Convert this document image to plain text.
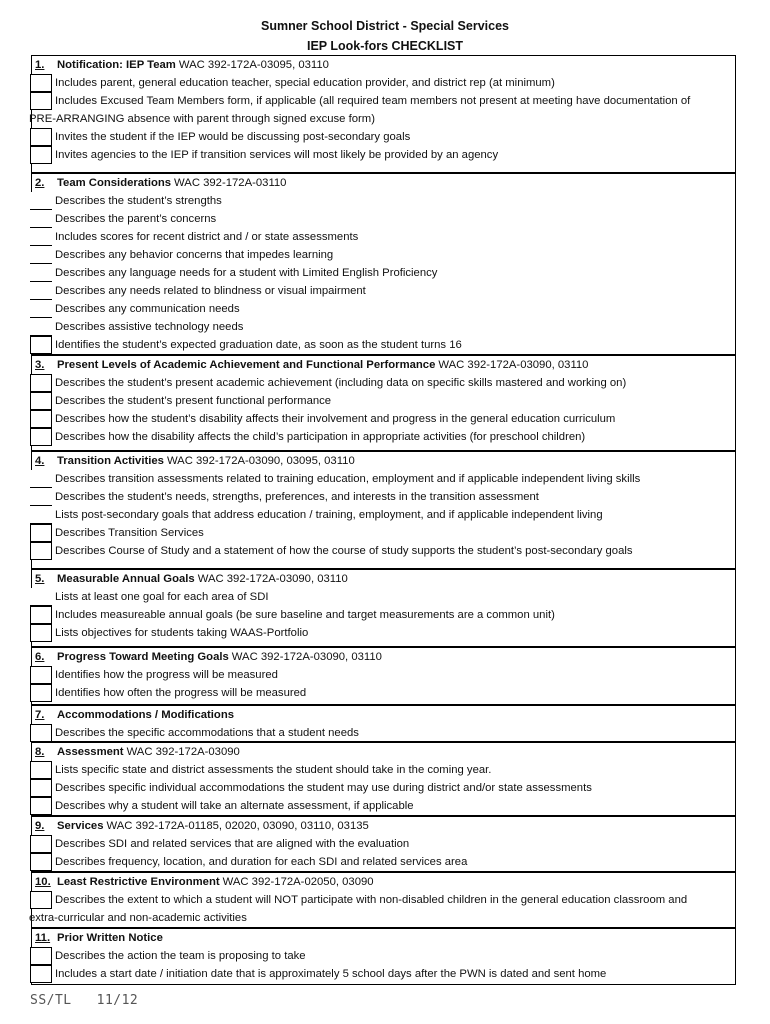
Sumner School District - Special Services
IEP Look-fors CHECKLIST
1. Notification: IEP Team WAC 392-172A-03095, 03110
Includes parent, general education teacher, special education provider, and district rep (at minimum)
Includes Excused Team Members form, if applicable (all required team members not present at meeting have documentation of
PRE-ARRANGING absence with parent through signed excuse form)
Invites the student if the IEP would be discussing post-secondary goals
Invites agencies to the IEP if transition services will most likely be provided by an agency
2. Team Considerations WAC 392-172A-03110
Describes the student’s strengths
Describes the parent’s concerns
Includes scores for recent district and / or state assessments
Describes any behavior concerns that impedes learning
Describes any language needs for a student with Limited English Proficiency
Describes any needs related to blindness or visual impairment
Describes any communication needs
Describes assistive technology needs
Identifies the student’s expected graduation date, as soon as the student turns 16
3. Present Levels of Academic Achievement and Functional Performance WAC 392-172A-03090, 03110
Describes the student’s present academic achievement (including data on specific skills mastered and working on)
Describes the student’s present functional performance
Describes how the student’s disability affects their involvement and progress in the general education curriculum
Describes how the disability affects the child’s participation in appropriate activities (for preschool children)
4. Transition Activities WAC 392-172A-03090, 03095, 03110
Describes transition assessments related to training education, employment and if applicable independent living skills
Describes the student’s needs, strengths, preferences, and interests in the transition assessment
Lists post-secondary goals that address education / training, employment, and if applicable independent living
Describes Transition Services
Describes Course of Study and a statement of how the course of study supports the student’s post-secondary goals
5. Measurable Annual Goals WAC 392-172A-03090, 03110
Lists at least one goal for each area of SDI
Includes measureable annual goals (be sure baseline and target measurements are a common unit)
Lists objectives for students taking WAAS-Portfolio
6. Progress Toward Meeting Goals WAC 392-172A-03090, 03110
Identifies how the progress will be measured
Identifies how often the progress will be measured
7. Accommodations / Modifications
Describes the specific accommodations that a student needs
8. Assessment WAC 392-172A-03090
Lists specific state and district assessments the student should take in the coming year.
Describes specific individual accommodations the student may use during district and/or state assessments
Describes why a student will take an alternate assessment, if applicable
9. Services WAC 392-172A-01185, 02020, 03090, 03110, 03135
Describes SDI and related services that are aligned with the evaluation
Describes frequency, location, and duration for each SDI and related services area
10. Least Restrictive Environment WAC 392-172A-02050, 03090
Describes the extent to which a student will NOT participate with non-disabled children in the general education classroom and
extra-curricular and non-academic activities
11. Prior Written Notice
Describes the action the team is proposing to take
Includes a start date / initiation date that is approximately 5 school days after the PWN is dated and sent home
SS/TL   11/12
